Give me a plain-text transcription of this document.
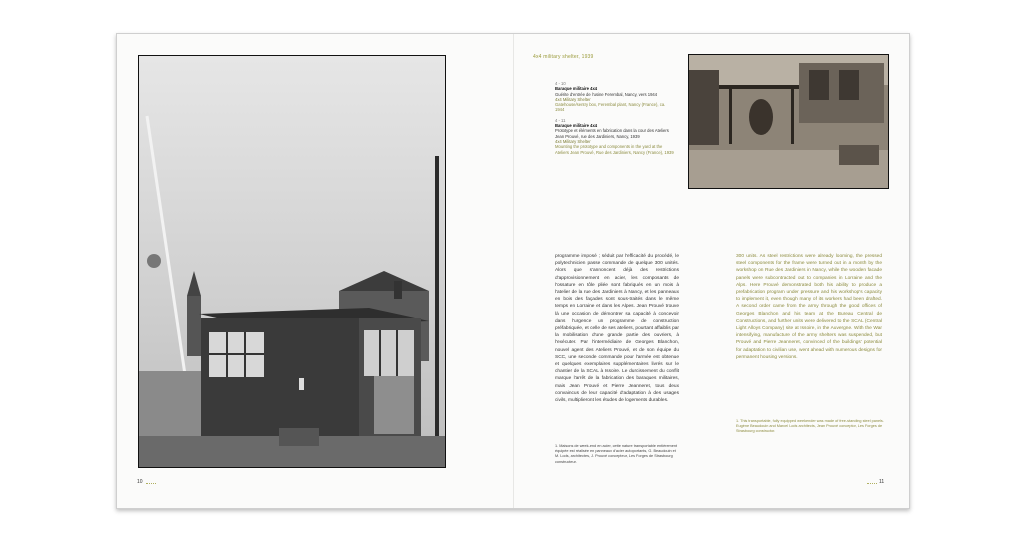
4x4 military shelter, 1939
4 - 10
Baraque militaire 4x4
Guérite d'entrée de l'usine Ferembal, Nancy, vers 1944
4x4 Military Shelter
Gatehouse/sentry box, Ferembal plant, Nancy (France), ca. 1944
4 - 11
Baraque militaire 4x4
Prototype et éléments en fabrication dans la cour des Ateliers Jean Prouvé, rue des Jardiniers, Nancy, 1939
4x4 Military Shelter
Mounting the prototype and components in the yard at the Ateliers Jean Prouvé, Rue des Jardiniers, Nancy (France), 1939

programme imposé ; séduit par l'efficacité du procédé, le polytechnicien passe commande de quelque 300 unités. Alors que s'annoncent déjà des restrictions d'approvisionnement en acier, les composants de l'ossature en tôle pliée sont fabriqués en un mois à l'atelier de la rue des Jardiniers à Nancy, et les panneaux en bois des façades sont sous-traités dans le même temps en Lorraine et dans les Alpes. Jean Prouvé trouve là une occasion de démontrer sa capacité à concevoir dans l'urgence un programme de construction préfabriquée, et celle de ses ateliers, pourtant affaiblis par la mobilisation d'une grande partie des ouvriers, à l'exécuter. Par l'intermédiaire de Georges Blanchon, nouvel agent des Ateliers Prouvé, et de son équipe du SCC, une seconde commande pour l'armée est obtenue et quelques exemplaires supplémentaires livrés sur le chantier de la SCAL à Issoire. Le durcissement du conflit marque l'arrêt de la fabrication des baraques militaires, mais Jean Prouvé et Pierre Jeanneret, tous deux convaincus de leur capacité d'adaptation à des usages civils, multiplieront les études de logements durables.

1. Maisons de week-end en acier, cette nature transportable entièrement équipée est réalisée en panneaux d'acier autoportants, G. Beaudouin et M. Lods, architectes, J. Prouvé concepteur, Les Forges de Strasbourg constructeur.

300 units. As steel restrictions were already looming, the pressed steel components for the frame were turned out in a month by the workshop on Rue des Jardiniers in Nancy, while the wooden facade panels were subcontracted out to companies in Lorraine and the Alps. Here Prouvé demonstrated both his ability to produce a prefabrication program under pressure and his workshop's capacity to implement it, even though many of its workers had been drafted. A second order came from the army through the good offices of Georges Blanchon and his team at the Bureau Central de Constructions, and further units were delivered to the SCAL (Central Light Alloys Company) site at Issoire, in the Auvergne. With the War intensifying, manufacture of the army shelters was suspended, but Prouvé and Pierre Jeanneret, convinced of the buildings' potential for adaptation to civilian use, went ahead with numerous designs for permanent housing versions.

1. This transportable, fully equipped weekender was made of free-standing steel panels. Eugène Beaudouin and Marcel Lods architects, Jean Prouvé conceptor, Les Forges de Strasbourg constructor.
10	11
